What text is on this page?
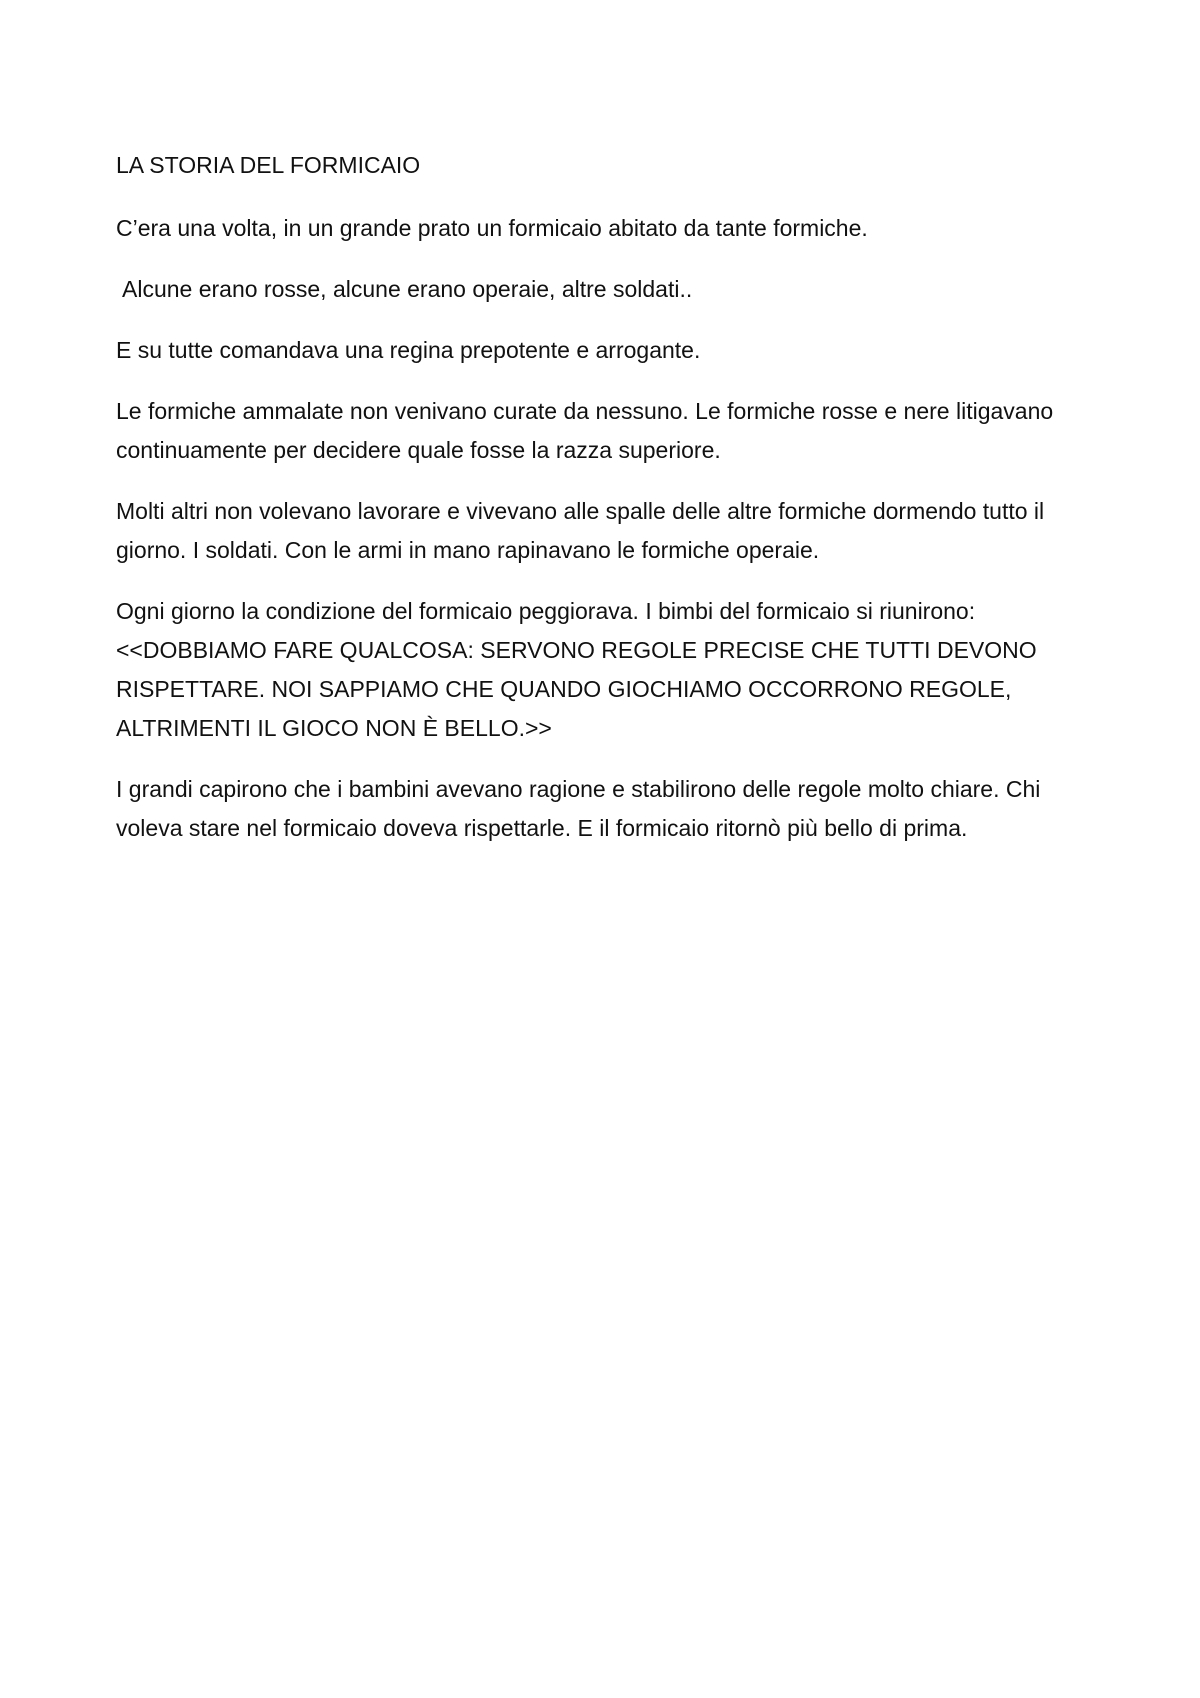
LA STORIA DEL FORMICAIO

C’era una volta, in un grande prato un formicaio abitato da tante formiche.

Alcune erano rosse, alcune erano operaie, altre soldati..

E su tutte comandava una regina prepotente e arrogante.

Le formiche ammalate non venivano curate da nessuno. Le formiche rosse e nere litigavano continuamente per decidere quale fosse la razza superiore.

Molti altri non volevano lavorare e vivevano alle spalle delle altre formiche dormendo tutto il giorno. I soldati. Con le armi in mano rapinavano le formiche operaie.

Ogni giorno la condizione del formicaio peggiorava. I bimbi del formicaio si riunirono: <<DOBBIAMO FARE QUALCOSA: SERVONO REGOLE PRECISE CHE TUTTI DEVONO RISPETTARE. NOI SAPPIAMO CHE QUANDO GIOCHIAMO OCCORRONO REGOLE, ALTRIMENTI IL GIOCO NON È BELLO.>>

I grandi capirono che i bambini avevano ragione e stabilirono delle regole molto chiare. Chi voleva stare nel formicaio doveva rispettarle. E il formicaio ritornò più bello di prima.
